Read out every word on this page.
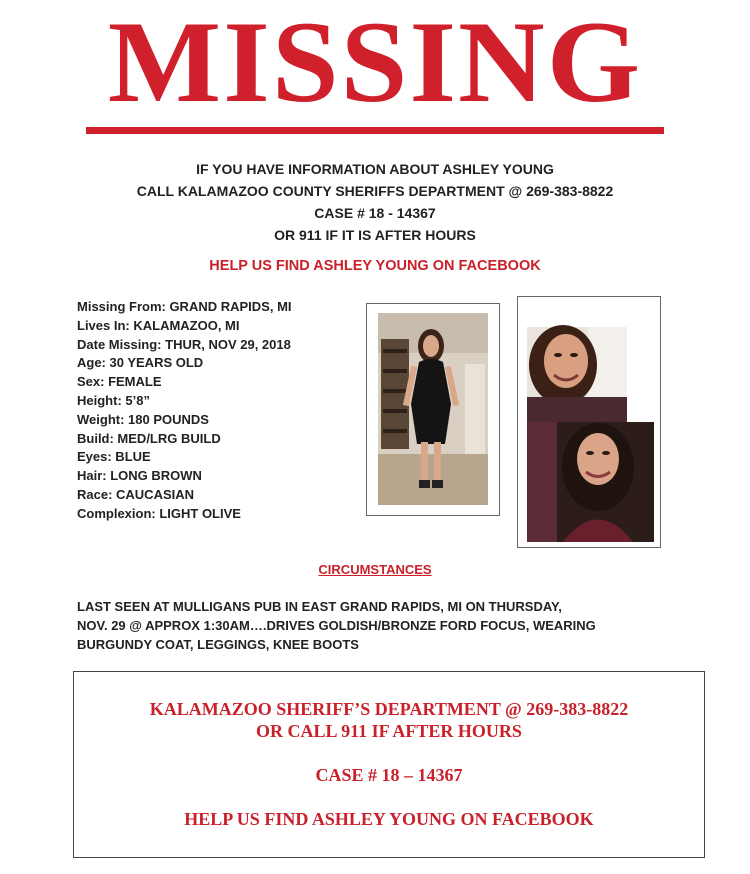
MISSING
IF YOU HAVE INFORMATION ABOUT ASHLEY YOUNG
CALL KALAMAZOO COUNTY SHERIFFS DEPARTMENT @ 269-383-8822
CASE # 18 - 14367
OR 911 IF IT IS AFTER HOURS
HELP US FIND ASHLEY YOUNG ON FACEBOOK
Missing From: GRAND RAPIDS, MI
Lives In: KALAMAZOO, MI
Date Missing: THUR, NOV 29, 2018
Age: 30 YEARS OLD
Sex: FEMALE
Height: 5’8”
Weight: 180 POUNDS
Build: MED/LRG BUILD
Eyes: BLUE
Hair: LONG BROWN
Race: CAUCASIAN
Complexion: LIGHT OLIVE
CIRCUMSTANCES
LAST SEEN AT MULLIGANS PUB IN EAST GRAND RAPIDS, MI ON THURSDAY,
NOV. 29 @ APPROX 1:30AM….DRIVES GOLDISH/BRONZE FORD FOCUS, WEARING
BURGUNDY COAT, LEGGINGS, KNEE BOOTS
KALAMAZOO SHERIFF’S DEPARTMENT @ 269-383-8822
OR CALL 911 IF AFTER HOURS
CASE # 18 – 14367
HELP US FIND ASHLEY YOUNG ON FACEBOOK
